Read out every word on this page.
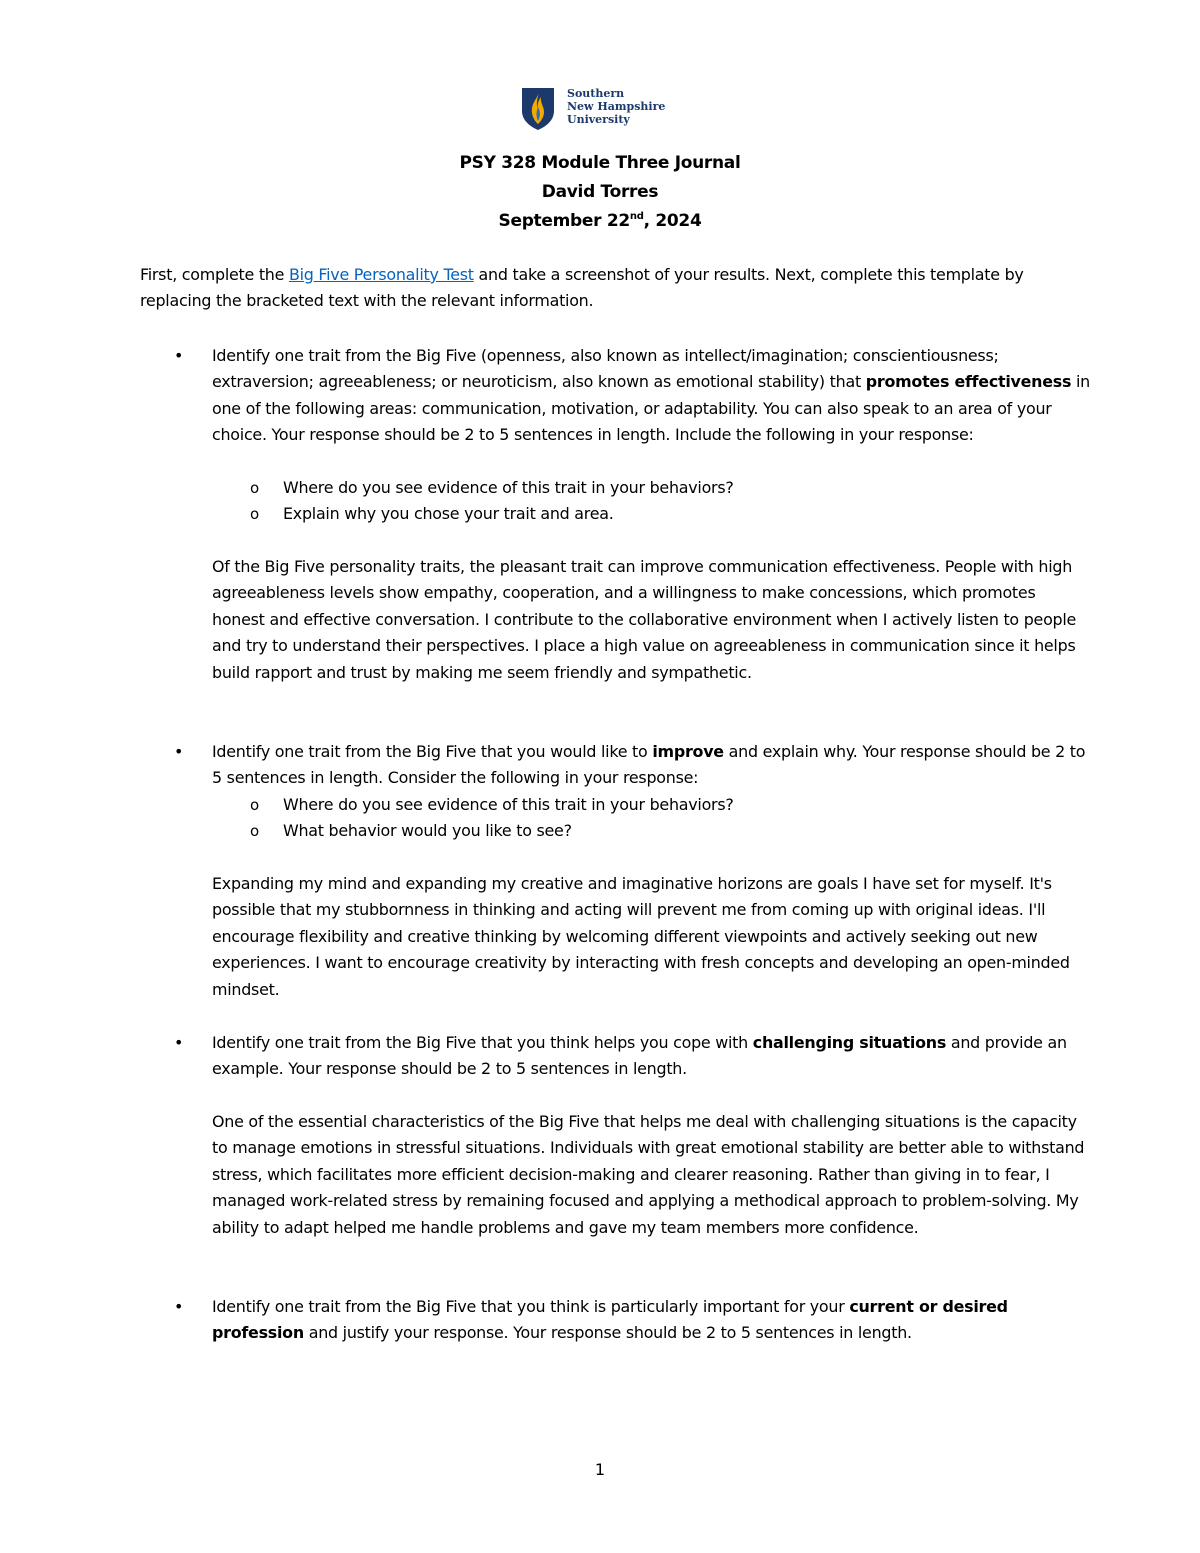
Southern
New Hampshire
University
PSY 328 Module Three Journal
David Torres
September 22nd, 2024
First, complete the Big Five Personality Test and take a screenshot of your results. Next, complete this template by replacing the bracketed text with the relevant information.
• Identify one trait from the Big Five (openness, also known as intellect/imagination; conscientiousness; extraversion; agreeableness; or neuroticism, also known as emotional stability) that promotes effectiveness in one of the following areas: communication, motivation, or adaptability. You can also speak to an area of your choice. Your response should be 2 to 5 sentences in length. Include the following in your response:
o Where do you see evidence of this trait in your behaviors?
o Explain why you chose your trait and area.
Of the Big Five personality traits, the pleasant trait can improve communication effectiveness. People with high agreeableness levels show empathy, cooperation, and a willingness to make concessions, which promotes honest and effective conversation. I contribute to the collaborative environment when I actively listen to people and try to understand their perspectives. I place a high value on agreeableness in communication since it helps build rapport and trust by making me seem friendly and sympathetic.
• Identify one trait from the Big Five that you would like to improve and explain why. Your response should be 2 to 5 sentences in length. Consider the following in your response:
o Where do you see evidence of this trait in your behaviors?
o What behavior would you like to see?
Expanding my mind and expanding my creative and imaginative horizons are goals I have set for myself. It's possible that my stubbornness in thinking and acting will prevent me from coming up with original ideas. I'll encourage flexibility and creative thinking by welcoming different viewpoints and actively seeking out new experiences. I want to encourage creativity by interacting with fresh concepts and developing an open-minded mindset.
• Identify one trait from the Big Five that you think helps you cope with challenging situations and provide an example. Your response should be 2 to 5 sentences in length.
One of the essential characteristics of the Big Five that helps me deal with challenging situations is the capacity to manage emotions in stressful situations. Individuals with great emotional stability are better able to withstand stress, which facilitates more efficient decision-making and clearer reasoning. Rather than giving in to fear, I managed work-related stress by remaining focused and applying a methodical approach to problem-solving. My ability to adapt helped me handle problems and gave my team members more confidence.
• Identify one trait from the Big Five that you think is particularly important for your current or desired profession and justify your response. Your response should be 2 to 5 sentences in length.
1
